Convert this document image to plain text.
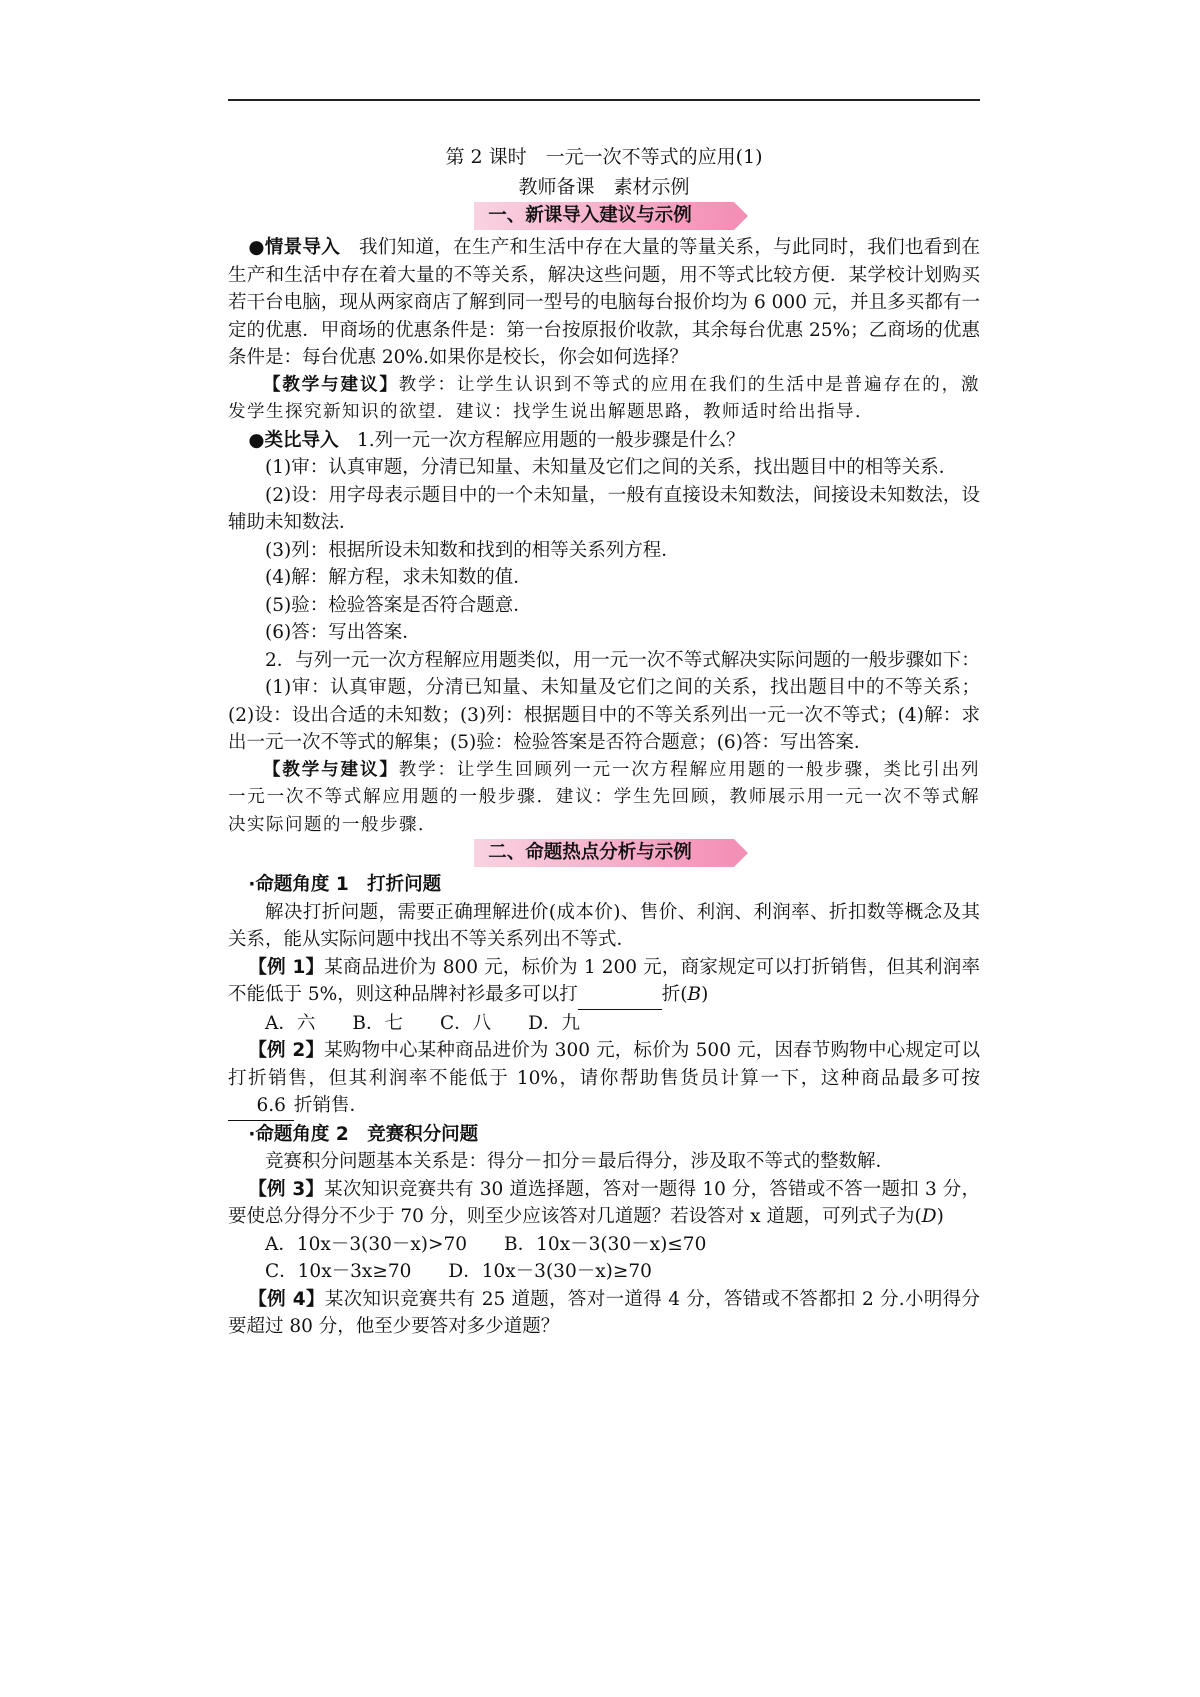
第 2 课时　一元一次不等式的应用(1)
教师备课　素材示例
一、新课导入建议与示例

●情景导入　我们知道，在生产和生活中存在大量的等量关系，与此同时，我们也看到在生产和生活中存在着大量的不等关系，解决这些问题，用不等式比较方便．某学校计划购买若干台电脑，现从两家商店了解到同一型号的电脑每台报价均为 6 000 元，并且多买都有一定的优惠．甲商场的优惠条件是：第一台按原报价收款，其余每台优惠 25%；乙商场的优惠条件是：每台优惠 20%.如果你是校长，你会如何选择？

【教学与建议】教学：让学生认识到不等式的应用在我们的生活中是普遍存在的，激发学生探究新知识的欲望．建议：找学生说出解题思路，教师适时给出指导．

●类比导入　1.列一元一次方程解应用题的一般步骤是什么？

(1)审：认真审题，分清已知量、未知量及它们之间的关系，找出题目中的相等关系．

(2)设：用字母表示题目中的一个未知量，一般有直接设未知数法，间接设未知数法，设辅助未知数法．

(3)列：根据所设未知数和找到的相等关系列方程．

(4)解：解方程，求未知数的值．

(5)验：检验答案是否符合题意．

(6)答：写出答案．

2．与列一元一次方程解应用题类似，用一元一次不等式解决实际问题的一般步骤如下：

(1)审：认真审题，分清已知量、未知量及它们之间的关系，找出题目中的不等关系；(2)设：设出合适的未知数；(3)列：根据题目中的不等关系列出一元一次不等式；(4)解：求出一元一次不等式的解集；(5)验：检验答案是否符合题意；(6)答：写出答案．

【教学与建议】教学：让学生回顾列一元一次方程解应用题的一般步骤，类比引出列一元一次不等式解应用题的一般步骤．建议：学生先回顾，教师展示用一元一次不等式解决实际问题的一般步骤．

二、命题热点分析与示例

·命题角度 1　打折问题

解决打折问题，需要正确理解进价(成本价)、售价、利润、利润率、折扣数等概念及其关系，能从实际问题中找出不等关系列出不等式．

【例 1】某商品进价为 800 元，标价为 1 200 元，商家规定可以打折销售，但其利润率不能低于 5%，则这种品牌衬衫最多可以打	折(B)

A．六　　B．七　　C．八　　D．九

【例 2】某购物中心某种商品进价为 300 元，标价为 500 元，因春节购物中心规定可以打折销售，但其利润率不能低于 10%，请你帮助售货员计算一下，这种商品最多可按6.6 折销售．

·命题角度 2　竞赛积分问题

竞赛积分问题基本关系是：得分－扣分＝最后得分，涉及取不等式的整数解．

【例 3】某次知识竞赛共有 30 道选择题，答对一题得 10 分，答错或不答一题扣 3 分，要使总分得分不少于 70 分，则至少应该答对几道题？若设答对 x 道题，可列式子为(D)

A．10x－3(30－x)>70　　B．10x－3(30－x)≤70

C．10x－3x≥70　　D．10x－3(30－x)≥70

【例 4】某次知识竞赛共有 25 道题，答对一道得 4 分，答错或不答都扣 2 分.小明得分要超过 80 分，他至少要答对多少道题？
